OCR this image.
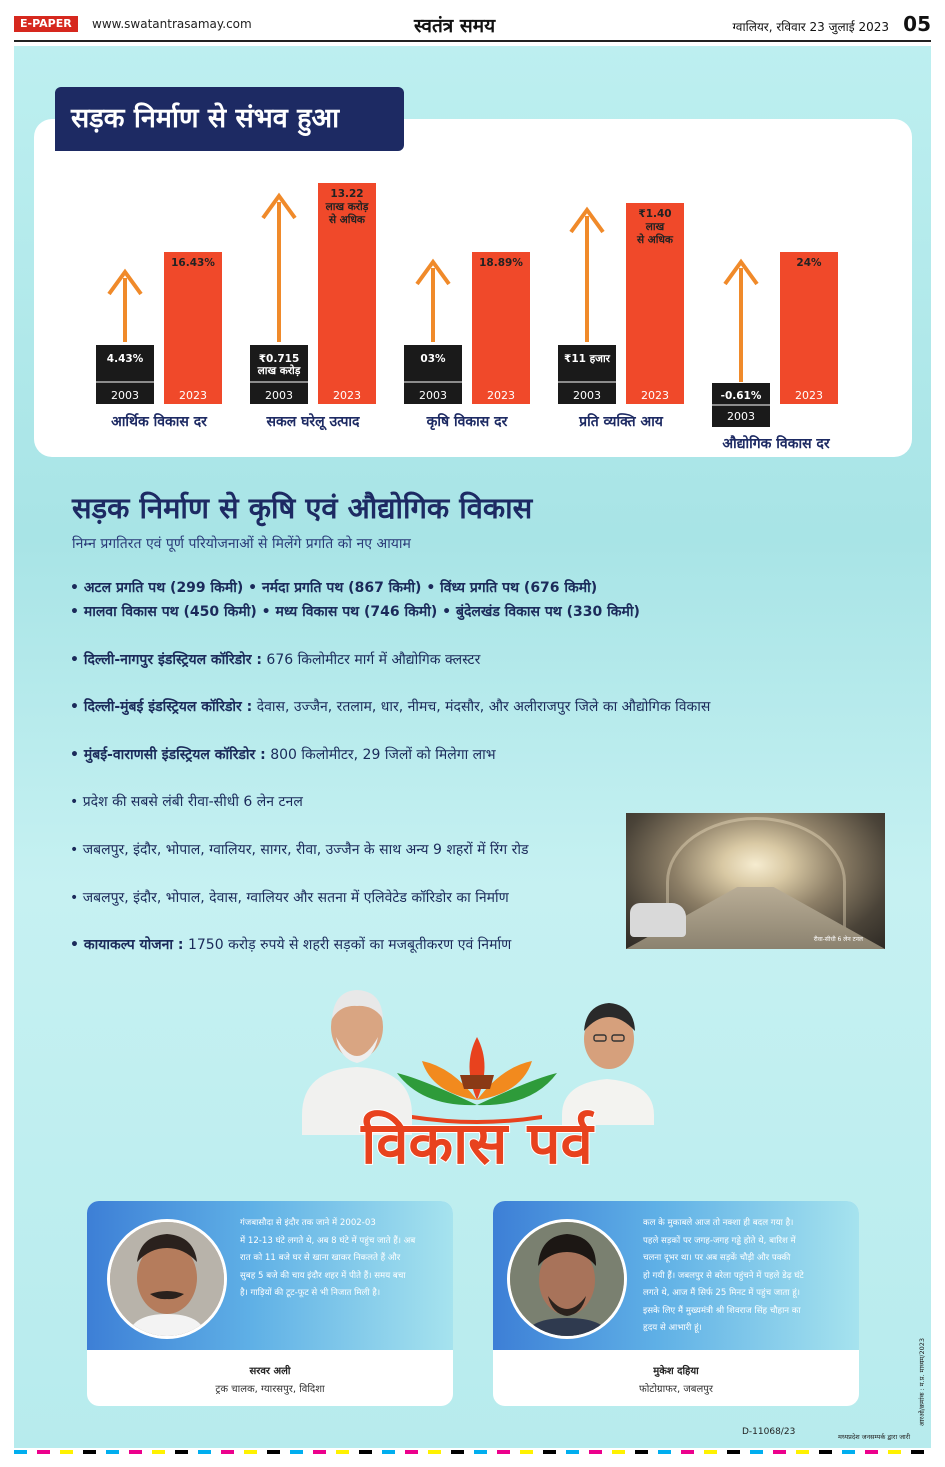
E-PAPER	www.swatantrasamay.com	स्वतंत्र समय	ग्वालियर, रविवार 23 जुलाई 2023 05
सड़क निर्माण से संभव हुआ
2023
16.43%
4.43%
2003
आर्थिक विकास दर
2023
13.22
लाख करोड़
से अधिक
₹0.715
लाख करोड़
2003
सकल घरेलू उत्पाद
2023
18.89%
03%
2003
कृषि विकास दर
2023
₹1.40
लाख
से अधिक
₹11 हजार
2003
प्रति व्यक्ति आय
2023
24%
-0.61%
2003
औद्योगिक विकास दर
सड़क निर्माण से कृषि एवं औद्योगिक विकास
निम्न प्रगतिरत एवं पूर्ण परियोजनाओं से मिलेंगे प्रगति को नए आयाम
• अटल प्रगति पथ (299 किमी) • नर्मदा प्रगति पथ (867 किमी) • विंध्य प्रगति पथ (676 किमी)
• मालवा विकास पथ (450 किमी) • मध्य विकास पथ (746 किमी) • बुंदेलखंड विकास पथ (330 किमी)
• दिल्ली-नागपुर इंडस्ट्रियल कॉरिडोर : 676 किलोमीटर मार्ग में औद्योगिक क्लस्टर
• दिल्ली-मुंबई इंडस्ट्रियल कॉरिडोर : देवास, उज्जैन, रतलाम, धार, नीमच, मंदसौर, और अलीराजपुर जिले का औद्योगिक विकास
• मुंबई-वाराणसी इंडस्ट्रियल कॉरिडोर : 800 किलोमीटर, 29 जिलों को मिलेगा लाभ
• प्रदेश की सबसे लंबी रीवा-सीधी 6 लेन टनल
• जबलपुर, इंदौर, भोपाल, ग्वालियर, सागर, रीवा, उज्जैन के साथ अन्य 9 शहरों में रिंग रोड
• जबलपुर, इंदौर, भोपाल, देवास, ग्वालियर और सतना में एलिवेटेड कॉरिडोर का निर्माण
• कायाकल्प योजना : 1750 करोड़ रुपये से शहरी सड़कों का मजबूतीकरण एवं निर्माण	रीवा-सीधी 6 लेन टनल
विकास पर्व
गंजबासौदा से इंदौर तक जाने में 2002-03
में 12-13 घंटे लगते थे, अब 8 घंटे में पहुंच जाते हैं। अब
रात को 11 बजे घर से खाना खाकर निकलते हैं और
सुबह 5 बजे की चाय इंदौर शहर में पीते हैं। समय बचा
है। गाड़ियों की टूट-फूट से भी निजात मिली है।
सरवर अली
ट्रक चालक, ग्यारसपुर, विदिशा
कल के मुकाबले आज तो नक्शा ही बदल गया है।
पहले सड़कों पर जगह-जगह गड्ढे होते थे, बारिश में
चलना दूभर था। पर अब सड़कें चौड़ी और पक्की
हो गयी हैं। जबलपुर से बरेला पहुंचने में पहले डेढ़ घंटे
लगते थे, आज मैं सिर्फ 25 मिनट में पहुंच जाता हूं।
इसके लिए मैं मुख्यमंत्री श्री शिवराज सिंह चौहान का
हृदय से आभारी हूं।
मुकेश दहिया
फोटोग्राफर, जबलपुर
D-11068/23	मध्यप्रदेश जनसम्पर्क द्वारा जारी
आरओ/क्रमांक : म.प्र. माध्यम/2023
